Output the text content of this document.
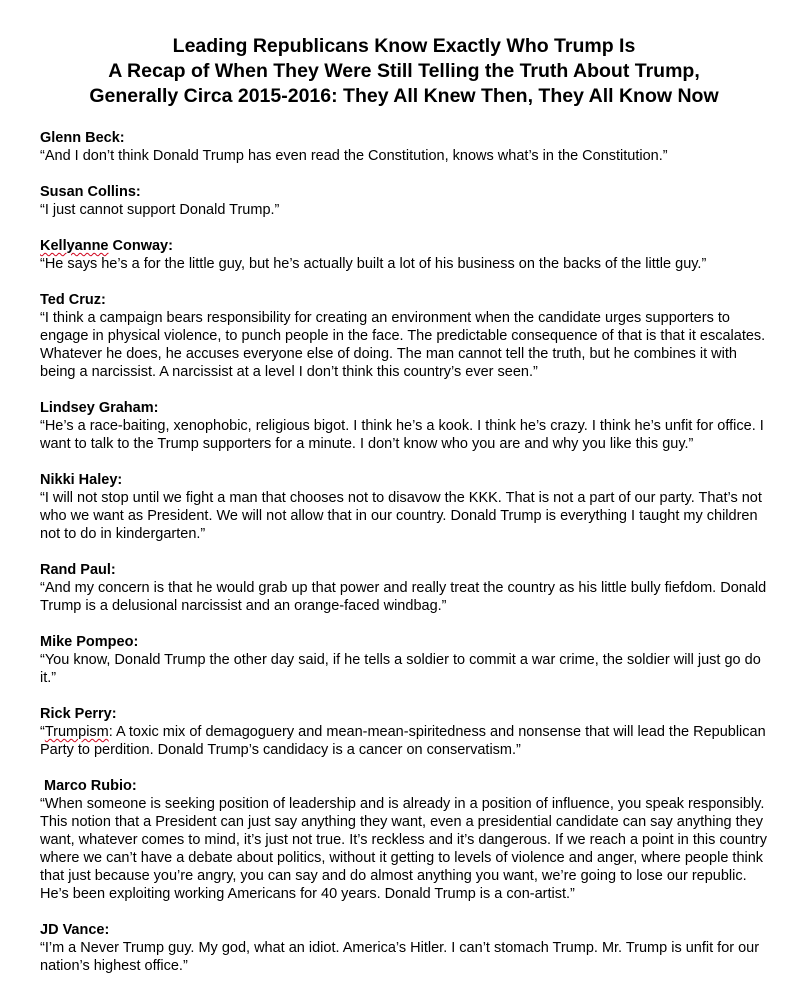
Leading Republicans Know Exactly Who Trump Is
A Recap of When They Were Still Telling the Truth About Trump,
Generally Circa 2015-2016: They All Knew Then, They All Know Now
Glenn Beck:
“And I don’t think Donald Trump has even read the Constitution, knows what’s in the Constitution.”
Susan Collins:
“I just cannot support Donald Trump.”
Kellyanne Conway:
“He says he’s a for the little guy, but he’s actually built a lot of his business on the backs of the little guy.”
Ted Cruz:
“I think a campaign bears responsibility for creating an environment when the candidate urges supporters to engage in physical violence, to punch people in the face. The predictable consequence of that is that it escalates. Whatever he does, he accuses everyone else of doing. The man cannot tell the truth, but he combines it with being a narcissist. A narcissist at a level I don’t think this country’s ever seen.”
Lindsey Graham:
“He’s a race-baiting, xenophobic, religious bigot. I think he’s a kook. I think he’s crazy. I think he’s unfit for office. I want to talk to the Trump supporters for a minute. I don’t know who you are and why you like this guy.”
Nikki Haley:
“I will not stop until we fight a man that chooses not to disavow the KKK. That is not a part of our party. That’s not who we want as President. We will not allow that in our country. Donald Trump is everything I taught my children not to do in kindergarten.”
Rand Paul:
“And my concern is that he would grab up that power and really treat the country as his little bully fiefdom. Donald Trump is a delusional narcissist and an orange-faced windbag.”
Mike Pompeo:
“You know, Donald Trump the other day said, if he tells a soldier to commit a war crime, the soldier will just go do it.”
Rick Perry:
“Trumpism: A toxic mix of demagoguery and mean-mean-spiritedness and nonsense that will lead the Republican Party to perdition. Donald Trump’s candidacy is a cancer on conservatism.”
Marco Rubio:
“When someone is seeking position of leadership and is already in a position of influence, you speak responsibly. This notion that a President can just say anything they want, even a presidential candidate can say anything they want, whatever comes to mind, it’s just not true. It’s reckless and it’s dangerous. If we reach a point in this country where we can’t have a debate about politics, without it getting to levels of violence and anger, where people think that just because you’re angry, you can say and do almost anything you want, we’re going to lose our republic. He’s been exploiting working Americans for 40 years. Donald Trump is a con-artist.”
JD Vance:
“I’m a Never Trump guy. My god, what an idiot. America’s Hitler. I can’t stomach Trump. Mr. Trump is unfit for our nation’s highest office.”
